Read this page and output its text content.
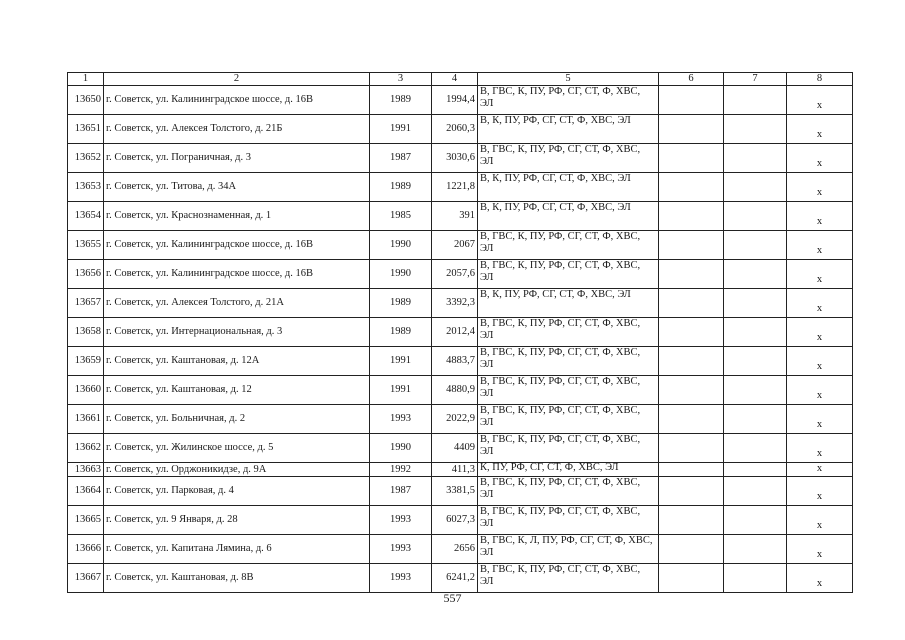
1	2	3	4	5	6	7	8
13650	г. Советск, ул. Калининградское шоссе, д. 16В	1989	1994,4	В, ГВС, К, ПУ, РФ, СГ, СТ, Ф, ХВС, ЭЛ			х
13651	г. Советск, ул. Алексея Толстого, д. 21Б	1991	2060,3	В, К, ПУ, РФ, СГ, СТ, Ф, ХВС, ЭЛ			х
13652	г. Советск, ул. Пограничная, д. 3	1987	3030,6	В, ГВС, К, ПУ, РФ, СГ, СТ, Ф, ХВС, ЭЛ			х
13653	г. Советск, ул. Титова, д. 34А	1989	1221,8	В, К, ПУ, РФ, СГ, СТ, Ф, ХВС, ЭЛ			х
13654	г. Советск, ул. Краснознаменная, д. 1	1985	391	В, К, ПУ, РФ, СГ, СТ, Ф, ХВС, ЭЛ			х
13655	г. Советск, ул. Калининградское шоссе, д. 16В	1990	2067	В, ГВС, К, ПУ, РФ, СГ, СТ, Ф, ХВС, ЭЛ			х
13656	г. Советск, ул. Калининградское шоссе, д. 16В	1990	2057,6	В, ГВС, К, ПУ, РФ, СГ, СТ, Ф, ХВС, ЭЛ			х
13657	г. Советск, ул. Алексея Толстого, д. 21А	1989	3392,3	В, К, ПУ, РФ, СГ, СТ, Ф, ХВС, ЭЛ			х
13658	г. Советск, ул. Интернациональная, д. 3	1989	2012,4	В, ГВС, К, ПУ, РФ, СГ, СТ, Ф, ХВС, ЭЛ			х
13659	г. Советск, ул. Каштановая, д. 12А	1991	4883,7	В, ГВС, К, ПУ, РФ, СГ, СТ, Ф, ХВС, ЭЛ			х
13660	г. Советск, ул. Каштановая, д. 12	1991	4880,9	В, ГВС, К, ПУ, РФ, СГ, СТ, Ф, ХВС, ЭЛ			х
13661	г. Советск, ул. Больничная, д. 2	1993	2022,9	В, ГВС, К, ПУ, РФ, СГ, СТ, Ф, ХВС, ЭЛ			х
13662	г. Советск, ул. Жилинское шоссе, д. 5	1990	4409	В, ГВС, К, ПУ, РФ, СГ, СТ, Ф, ХВС, ЭЛ			х
13663	г. Советск, ул. Орджоникидзе, д. 9А	1992	411,3	К, ПУ, РФ, СГ, СТ, Ф, ХВС, ЭЛ			х
13664	г. Советск, ул. Парковая, д. 4	1987	3381,5	В, ГВС, К, ПУ, РФ, СГ, СТ, Ф, ХВС, ЭЛ			х
13665	г. Советск, ул. 9 Января, д. 28	1993	6027,3	В, ГВС, К, ПУ, РФ, СГ, СТ, Ф, ХВС, ЭЛ			х
13666	г. Советск, ул. Капитана Лямина, д. 6	1993	2656	В, ГВС, К, Л, ПУ, РФ, СГ, СТ, Ф, ХВС, ЭЛ			х
13667	г. Советск, ул. Каштановая, д. 8В	1993	6241,2	В, ГВС, К, ПУ, РФ, СГ, СТ, Ф, ХВС, ЭЛ			х
557
